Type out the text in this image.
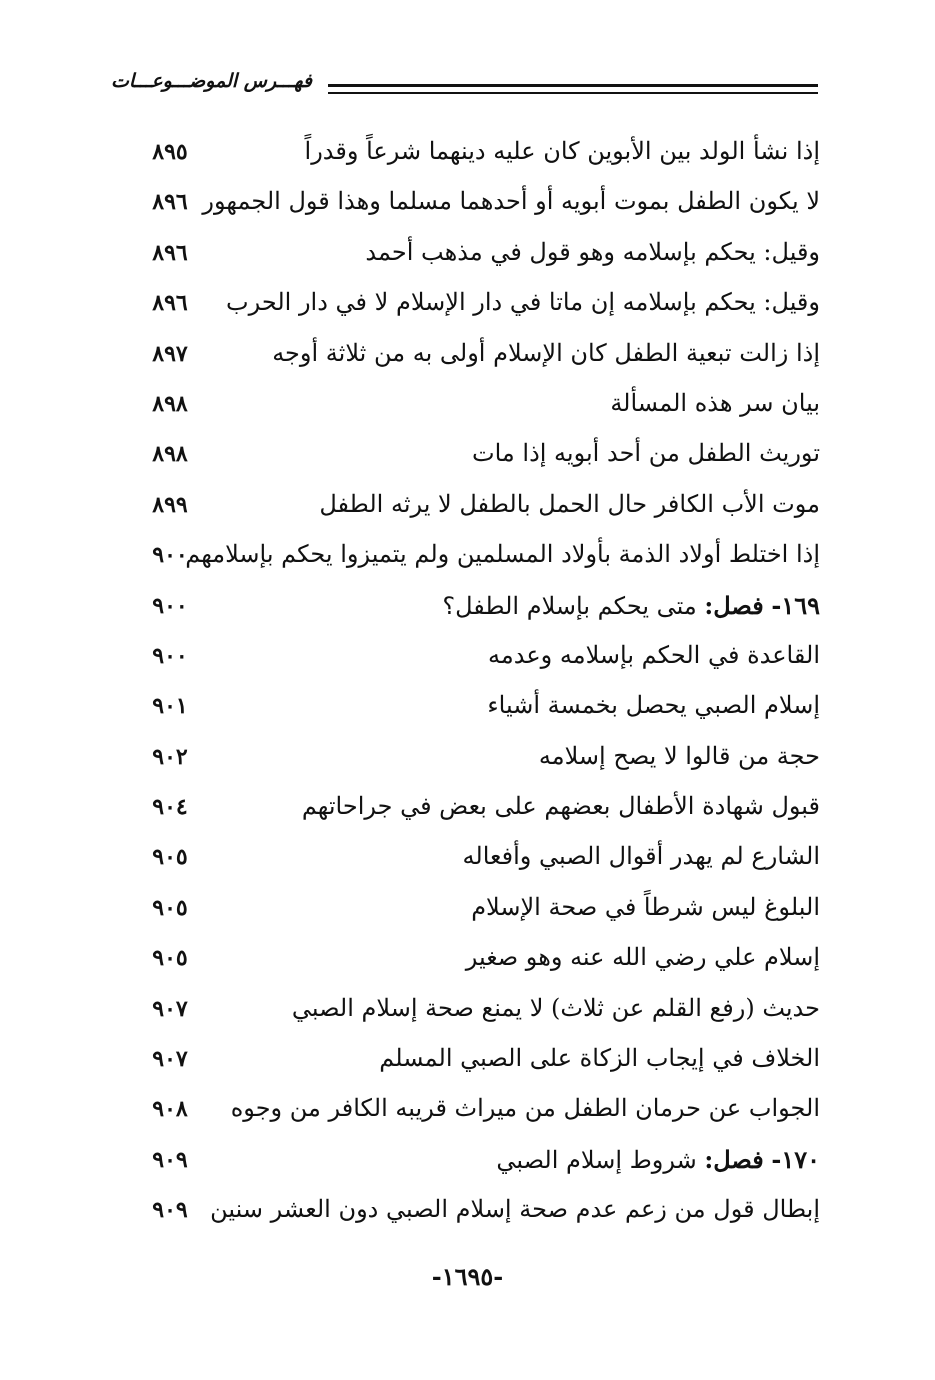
فهـــرس الموضـــوعـــات
إذا نشأ الولد بين الأبوين كان عليه دينهما شرعاً وقدراً
٨٩٥
لا يكون الطفل بموت أبويه أو أحدهما مسلما وهذا قول الجمهور
٨٩٦
وقيل: يحكم بإسلامه وهو قول في مذهب أحمد
٨٩٦
وقيل: يحكم بإسلامه إن ماتا في دار الإسلام لا في دار الحرب
٨٩٦
إذا زالت تبعية الطفل كان الإسلام أولى به من ثلاثة أوجه
٨٩٧
بيان سر هذه المسألة
٨٩٨
توريث الطفل من أحد أبويه إذا مات
٨٩٨
موت الأب الكافر حال الحمل بالطفل لا يرثه الطفل
٨٩٩
إذا اختلط أولاد الذمة بأولاد المسلمين ولم يتميزوا يحكم بإسلامهم
٩٠٠
١٦٩- فصل: متى يحكم بإسلام الطفل؟
٩٠٠
القاعدة في الحكم بإسلامه وعدمه
٩٠٠
إسلام الصبي يحصل بخمسة أشياء
٩٠١
حجة من قالوا لا يصح إسلامه
٩٠٢
قبول شهادة الأطفال بعضهم على بعض في جراحاتهم
٩٠٤
الشارع لم يهدر أقوال الصبي وأفعاله
٩٠٥
البلوغ ليس شرطاً في صحة الإسلام
٩٠٥
إسلام علي رضي الله عنه وهو صغير
٩٠٥
حديث (رفع القلم عن ثلاث) لا يمنع صحة إسلام الصبي
٩٠٧
الخلاف في إيجاب الزكاة على الصبي المسلم
٩٠٧
الجواب عن حرمان الطفل من ميراث قريبه الكافر من وجوه
٩٠٨
١٧٠- فصل: شروط إسلام الصبي
٩٠٩
إبطال قول من زعم عدم صحة إسلام الصبي دون العشر سنين
٩٠٩
-١٦٩٥-
